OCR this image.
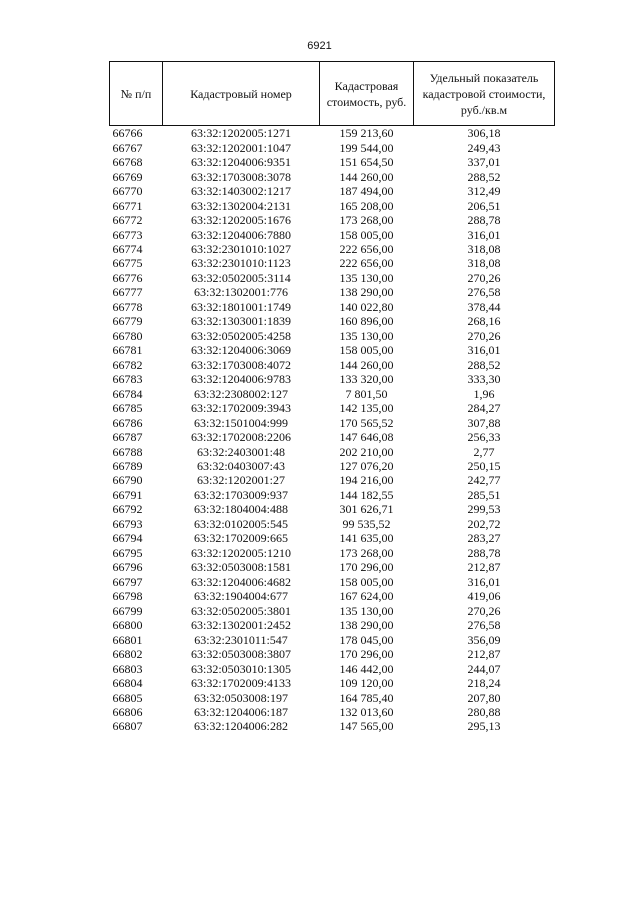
6921
№ п/п	Кадастровый номер	Кадастровая стоимость, руб.	Удельный показатель кадастровой стоимости, руб./кв.м
66766	63:32:1202005:1271	159 213,60	306,18
66767	63:32:1202001:1047	199 544,00	249,43
66768	63:32:1204006:9351	151 654,50	337,01
66769	63:32:1703008:3078	144 260,00	288,52
66770	63:32:1403002:1217	187 494,00	312,49
66771	63:32:1302004:2131	165 208,00	206,51
66772	63:32:1202005:1676	173 268,00	288,78
66773	63:32:1204006:7880	158 005,00	316,01
66774	63:32:2301010:1027	222 656,00	318,08
66775	63:32:2301010:1123	222 656,00	318,08
66776	63:32:0502005:3114	135 130,00	270,26
66777	63:32:1302001:776	138 290,00	276,58
66778	63:32:1801001:1749	140 022,80	378,44
66779	63:32:1303001:1839	160 896,00	268,16
66780	63:32:0502005:4258	135 130,00	270,26
66781	63:32:1204006:3069	158 005,00	316,01
66782	63:32:1703008:4072	144 260,00	288,52
66783	63:32:1204006:9783	133 320,00	333,30
66784	63:32:2308002:127	7 801,50	1,96
66785	63:32:1702009:3943	142 135,00	284,27
66786	63:32:1501004:999	170 565,52	307,88
66787	63:32:1702008:2206	147 646,08	256,33
66788	63:32:2403001:48	202 210,00	2,77
66789	63:32:0403007:43	127 076,20	250,15
66790	63:32:1202001:27	194 216,00	242,77
66791	63:32:1703009:937	144 182,55	285,51
66792	63:32:1804004:488	301 626,71	299,53
66793	63:32:0102005:545	99 535,52	202,72
66794	63:32:1702009:665	141 635,00	283,27
66795	63:32:1202005:1210	173 268,00	288,78
66796	63:32:0503008:1581	170 296,00	212,87
66797	63:32:1204006:4682	158 005,00	316,01
66798	63:32:1904004:677	167 624,00	419,06
66799	63:32:0502005:3801	135 130,00	270,26
66800	63:32:1302001:2452	138 290,00	276,58
66801	63:32:2301011:547	178 045,00	356,09
66802	63:32:0503008:3807	170 296,00	212,87
66803	63:32:0503010:1305	146 442,00	244,07
66804	63:32:1702009:4133	109 120,00	218,24
66805	63:32:0503008:197	164 785,40	207,80
66806	63:32:1204006:187	132 013,60	280,88
66807	63:32:1204006:282	147 565,00	295,13
